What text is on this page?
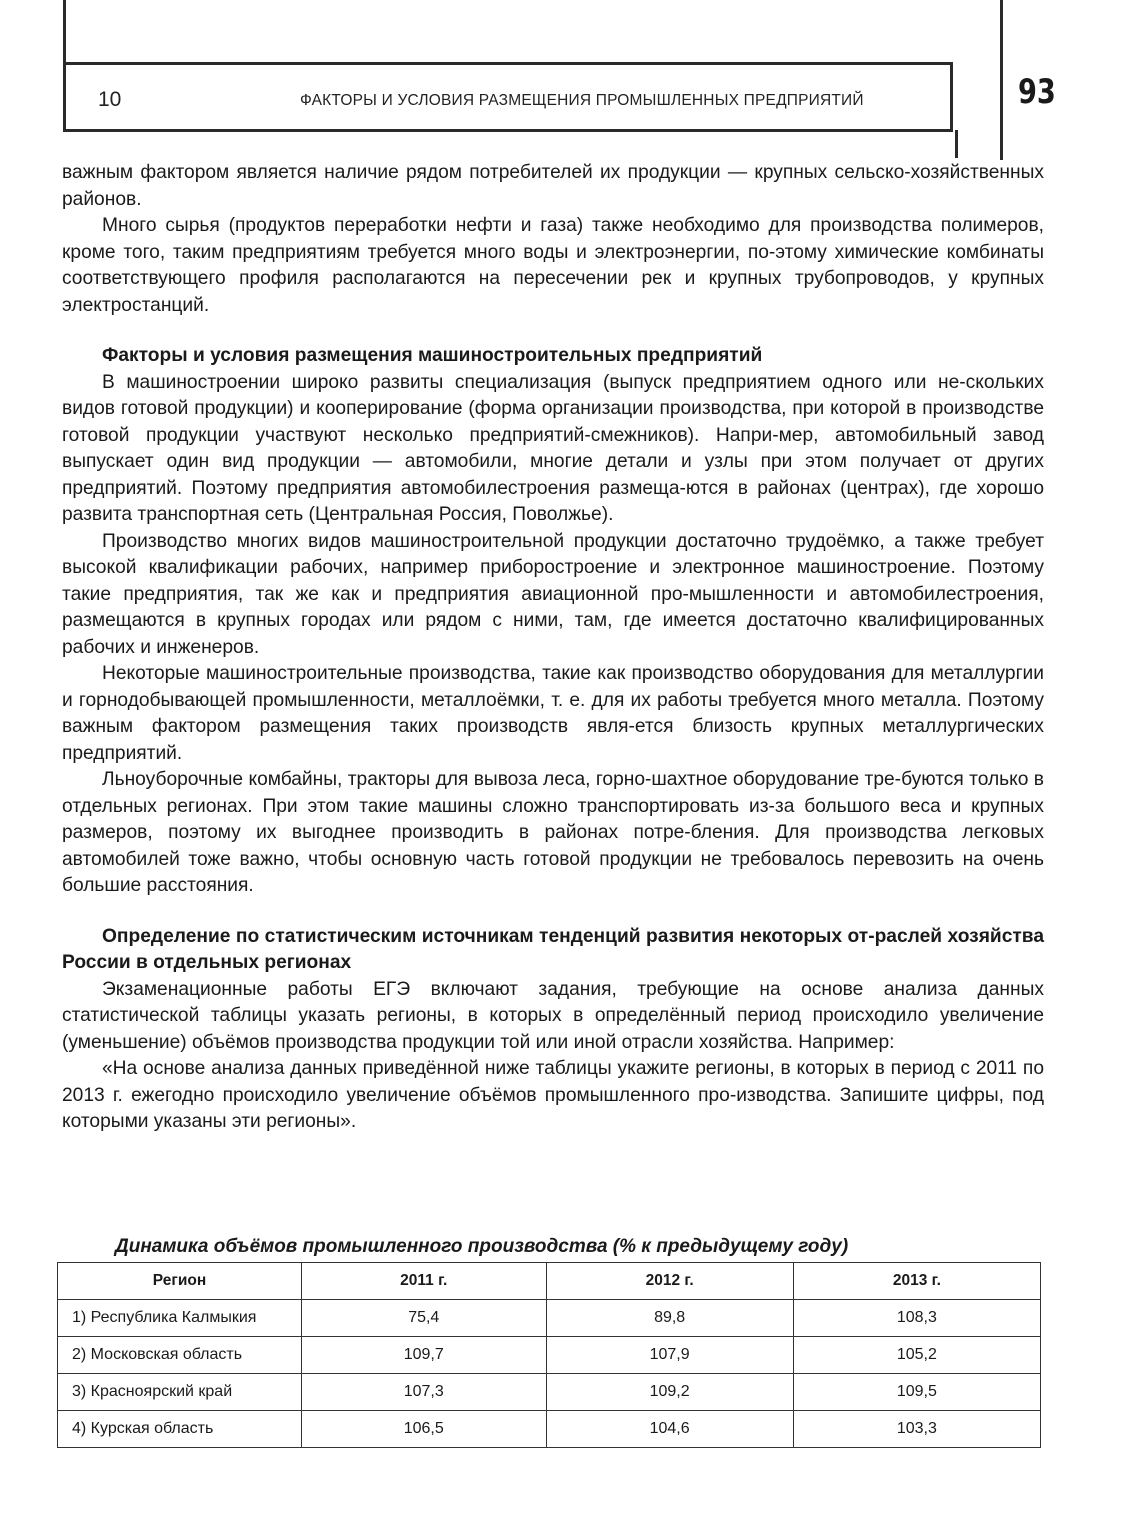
10	ФАКТОРЫ И УСЛОВИЯ РАЗМЕЩЕНИЯ ПРОМЫШЛЕННЫХ ПРЕДПРИЯТИЙ	93

важным фактором является наличие рядом потребителей их продукции — крупных сельско-хозяйственных районов.

Много сырья (продуктов переработки нефти и газа) также необходимо для производства полимеров, кроме того, таким предприятиям требуется много воды и электроэнергии, по-этому химические комбинаты соответствующего профиля располагаются на пересечении рек и крупных трубопроводов, у крупных электростанций.

Факторы и условия размещения машиностроительных предприятий

В машиностроении широко развиты специализация (выпуск предприятием одного или не-скольких видов готовой продукции) и кооперирование (форма организации производства, при которой в производстве готовой продукции участвуют несколько предприятий-смежников). Напри-мер, автомобильный завод выпускает один вид продукции — автомобили, многие детали и узлы при этом получает от других предприятий. Поэтому предприятия автомобилестроения размеща-ются в районах (центрах), где хорошо развита транспортная сеть (Центральная Россия, Поволжье).

Производство многих видов машиностроительной продукции достаточно трудоёмко, а также требует высокой квалификации рабочих, например приборостроение и электронное машиностроение. Поэтому такие предприятия, так же как и предприятия авиационной про-мышленности и автомобилестроения, размещаются в крупных городах или рядом с ними, там, где имеется достаточно квалифицированных рабочих и инженеров.

Некоторые машиностроительные производства, такие как производство оборудования для металлургии и горнодобывающей промышленности, металлоёмки, т. е. для их работы требуется много металла. Поэтому важным фактором размещения таких производств явля-ется близость крупных металлургических предприятий.

Льноуборочные комбайны, тракторы для вывоза леса, горно-шахтное оборудование тре-буются только в отдельных регионах. При этом такие машины сложно транспортировать из-за большого веса и крупных размеров, поэтому их выгоднее производить в районах потре-бления. Для производства легковых автомобилей тоже важно, чтобы основную часть готовой продукции не требовалось перевозить на очень большие расстояния.

Определение по статистическим источникам тенденций развития некоторых от-раслей хозяйства России в отдельных регионах

Экзаменационные работы ЕГЭ включают задания, требующие на основе анализа данных статистической таблицы указать регионы, в которых в определённый период происходило увеличение (уменьшение) объёмов производства продукции той или иной отрасли хозяйства. Например:

«На основе анализа данных приведённой ниже таблицы укажите регионы, в которых в период с 2011 по 2013 г. ежегодно происходило увеличение объёмов промышленного про-изводства. Запишите цифры, под которыми указаны эти регионы».

Динамика объёмов промышленного производства (% к предыдущему году)
Регион	2011 г.	2012 г.	2013 г.
1) Республика Калмыкия	75,4	89,8	108,3
2) Московская область	109,7	107,9	105,2
3) Красноярский край	107,3	109,2	109,5
4) Курская область	106,5	104,6	103,3
